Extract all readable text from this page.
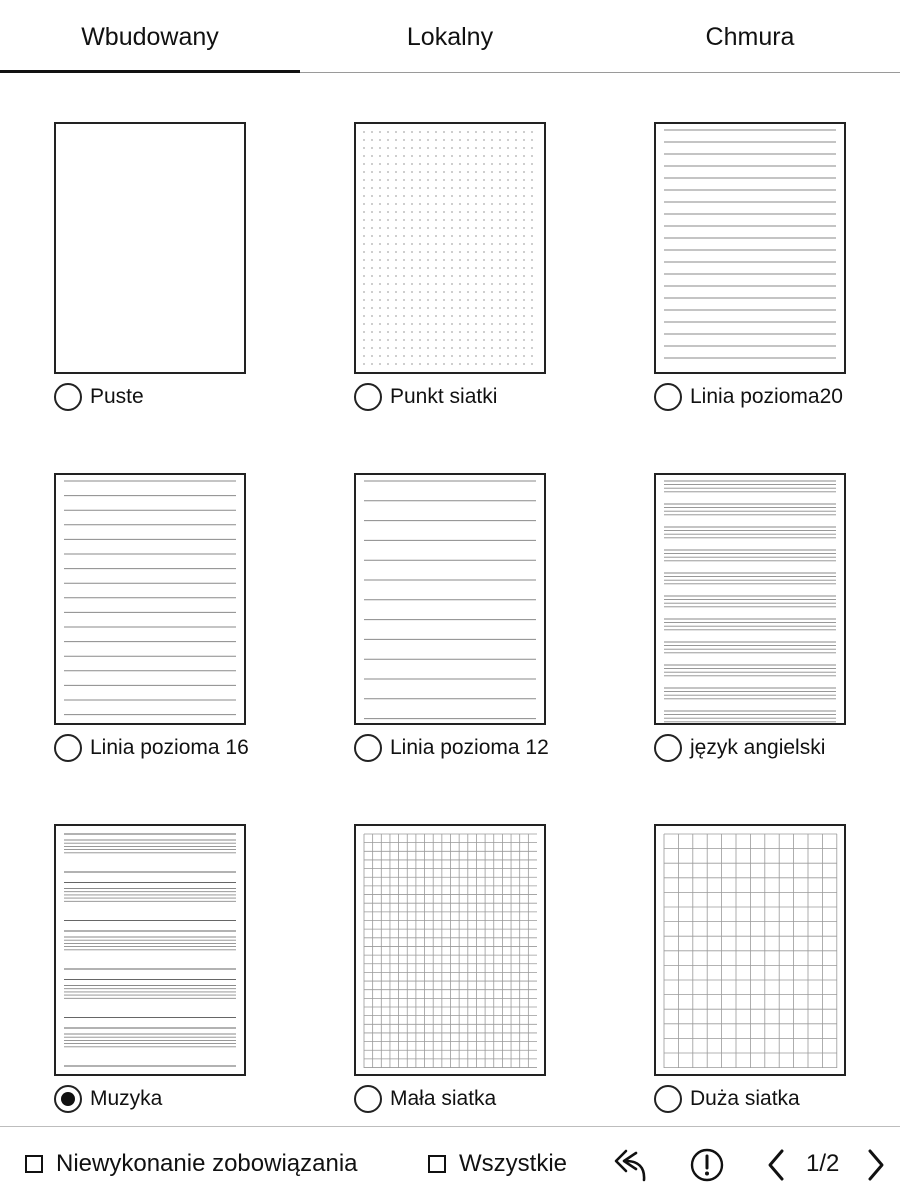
Wbudowany	Lokalny	Chmura
Puste	Punkt siatki	Linia pozioma20
Linia pozioma 16	Linia pozioma 12	język angielski
Muzyka	Mała siatka	Duża siatka
Niewykonanie zobowiązania	Wszystkie	1/2
